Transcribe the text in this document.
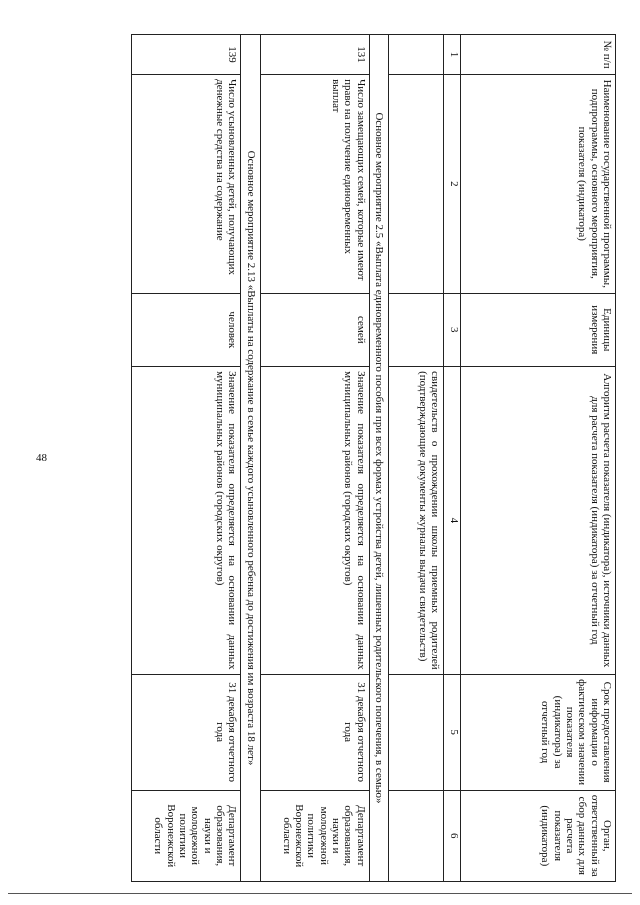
48
№ п/п	Наименование государственной программы, подпрограммы, основного мероприятия, показателя (индикатора)	Единицы измерения	Алгоритм расчета показателя (индикатора), источники данных для расчета показателя (индикатора) за отчетный год	Срок предоставления информации о фактическом значении показателя (индикатора) за отчетный год	Орган, ответственный за сбор данных для расчета показателя (индикатора)
1	2	3	4	5	6
			свидетельств о прохождении школы приемных родителей (подтверждающие документы журналы выдачи свидетельств)		
Основное мероприятие 2.5 «Выплата единовременного пособия при всех формах устройства детей, лишенных родительского попечения, в семью»					
131	Число замещающих семей, которые имеют право на получение единовременных выплат	семей	Значение показателя определяется на основании данных муниципальных районов (городских округов)	31 декабря отчетного года	Департамент образования, науки и молодежной политики Воронежской области
Основное мероприятие 2.13 «Выплаты на содержание в семье каждого усыновленного ребенка до достижения им возраста 18 лет»					
139	Число усыновленных детей, получающих денежные средства на содержание	человек	Значение показателя определяется на основании данных муниципальных районов (городских округов)	31 декабря отчетного года	Департамент образования, науки и молодежной политики Воронежской области
